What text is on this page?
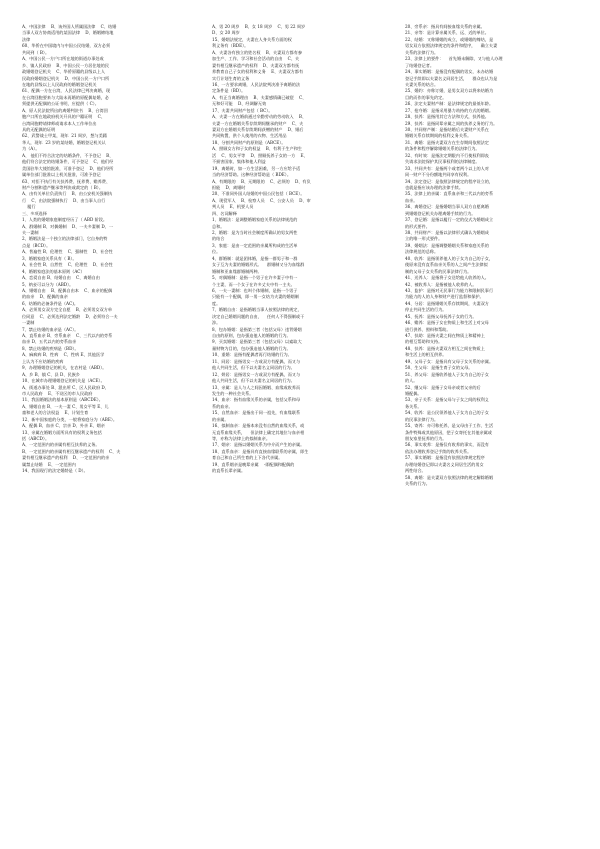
A、中国法律    B、该外国人所属国法律    C、结婚
当事人双方协商适用的某国法律    D、婚姻缔结地
法律
60、华侨在中国境内与中国公民结婚，双方必须
共同到（ B）。
A、中国公民一方户口所在地的街道办事处或
乡、镇人民政府    B、中国公民一方居住地的民
政婚姻登记机关    C、华侨原籍的县级以上人
民政府婚姻登记机关    D、中国公民一方户口所
在地的县级以上人民政府的婚姻登记机关
61、配偶一方在台湾，人民法律已判决离婚，现
在台湾回胞要来与大陆未再婚的原配偶复婚，必
须提供无配偶的公证书明，应提供（ C）。
A、原人民法院所出的离婚判决书    B、台湾回
胞户口所在地政府机关开具的户籍证明    C、
台湾同胞聘请律师或请求本人工作单位出
具的无配偶的证明
62、武警战士甲某，现年  21 周岁，想与美籍
华人，现年  23 岁的某结婚，婚姻登记机关认
为（A）。
A、 他们不符合法定的结婚条件，不予登记    B、
他们符合法定的结婚条件，可予登记    C、他们经
美国驻华大使馆批准，可准予登记    D、他们经所
属单位部门批准以上机关批准，可准予登记
63、对拒不执行有关扶养费、抚养费、赡养费、
财产分割和遗产继承等判决或裁定的（ B）。
A、由有关单位负责执行    B、由公安机关强制执
行    C、由法院强制执行    D、由当事人自行
履行
三、多项选择
1、人类的婚姻家庭制度经历了（ ABD 阶段。
A、群婚制 B、对偶婚制    D、一夫多妻制 D、一
夫一妻制
2、婚姻法是一个独立的法律部门，它自身的特
点是（BCD）。
A、普遍性 B、伦理性    C、强制性    D、社会性
3、婚姻家庭关系具有（ B）。
A、社会性 B、自然性    C、伦理性    D、社会性
4、婚姻家庭法的基本原则（AC）
A、恋爱自由 B、结婚自由    C、离婚自由
5、纳妾可以分为（ABD）。
A、婚姻自由    B、配偶自由本    C、血亲的配偶
的血亲    D、配偶的血亲
6、结婚的必备条件是（AC)。
A、必须男女双方完全自愿    B、必须男女双方单
位同意    C、必须达到法定婚龄    D、必须符合一夫
一妻制
7、禁止结婚的血亲是（AC）。
A、直系血亲 B、旁系血亲    C、三代以内的旁系
血亲 D、五代以内的旁系血亲
8、禁止结婚的疾病是（BD）。
A、麻疯病 B、性病    C、性病 E、其他医学
上认为不应结婚的疾病
9、办理婚姻登记的机关，在农村是（ABD）。
A、乡 B、镇 C、县 D、民族乡
10、在城市办理婚姻登记的机关是（ACE）。
A、街道办事处 B、派出所 C、区人民政府 D、
市人民政府    E、不设区的市人民政府
11、我国婚姻法的基本原则是（ABCDE）。
A、婚姻自由 B、一夫一妻 C、男女平等 E、儿
童和老人的合法权益    E、计划生育
12、新中国家庭的分类，一般将家庭分为（ABE）。
A、配偶 B、血亲 C、宗亲 D、外亲 E、姻亲
13、亲属在婚姻方面所具有的权利义务包括
括（ABCD）。
A、一定范围内的亲属有相互扶养的义务。
B、一定范围内的亲属有相互继承遗产的权利    C、夫
妻有相互继承遗产的权利    D、一定范围内的亲
属禁止结婚    E、一定范围内
14、我国现行的法定婚龄是（ D）。
A、男 20 周岁    B、女 18 周岁    C、男 22 周岁
D、女 20 周岁
15、婚姻法规定，夫妻在人身关系方面的权
利义务有（BDE）。
A、夫妻各有独立的姓名权    B、夫妻双方都有参
加生产、工作、学习和社会活动的自由    C、夫
妻有相互继承遗产的权利    D、夫妻双方都有抚
养教育自己子女的权利和义务    E、夫妻双方都有
实行计划生育的义务
16、一方要求离婚，人民法院判决准予离婚的法
定条件是（BD）。
A、有正当离婚理由    B、夫妻感情确已破裂    C、
无和好可能    D、经调解无效
17、夫妻共同财产包括（ BC）。
A、夫妻一方在婚前通过辛勤劳动的劳动收入    B、
夫妻一方在婚姻关系存续期间继承的财产    C、夫
妻双方在婚姻关系存续期间获赠的财产    D、婚后
共同购置，供个人使用的衣物、生活用品
18、分割共同财产的原则是（ABCE）。
A、照顾女方和子女的权益    B、有利于生产和生
活    C、男女平等    D、照顾抚养子女的一方    E、
不损害国家、集体和他人利益
19、离婚时，如一方生活困难，另一方应给予适
当的经济帮助。这种经济帮助是（ BDE）。
A、有期限的    B、无期限的    C、必须的    D、有负
担能    D、离婚时
20、不准同外国人结婚的中国公民包括（ BCE）。
A、现役军人    B、检察人员    C、公安人员    D、审
判人员    E、机要人员
四、名词解释
1、婚姻法：是调整婚姻家庭关系的法律规范的
总和。
2、婚姻：是为当时社会制度所确认的男女两性
的结合
3、家庭：是由一定范围的亲属所构成的生活单
位。
4、群婚制：就是团体婚，是指一群男子和一群
女子互为夫妻的婚姻形式。    群婚制又分为血缘群
婚制和亚血缘群婚制两种。
5、对偶婚制：是指一个男子在许多妻子中有一
个主妻，而一个女子在许多丈夫中有一主夫。
6、一夫一妻制：也叫个体婚制，是指一个男子
只能有一个配偶，即一男一女结为夫妻的婚姻制
度。
7、婚姻自由：是指婚姻当事人按照法律的规定，
决定自己婚姻问题的自由，    任何人不得强制或干
涉。
8、包办婚姻：是指第三者（包括父母）违背婚姻
自由的原则，包办强迫他人的婚姻的行为。
9、买卖婚姻：是指第三者（包括父母）以索取大
量财物为目的，包办强迫他人婚姻的行为。
10、重婚：是指有配偶者再行结婚的行为。
11、同居：是指男女一方或双方有配偶，而又与
他人共同生活，但不以夫妻名义同居的行为。
12、姘居：是指男女一方或双方有配偶，而又与
他人共同生活，但不以夫妻名义同居的行为。
13、亲属：是人与人之间因婚姻、血缘或收养而
发生的一种社会关系。
14、血亲：指有血缘关系的亲属，包括父系和母
系的血亲。
15、自然血亲：是指出于同一祖先，有血缘联系
的亲属。
16、拟制血亲：是指本来没有自然的血缘关系，或
无直系血缘关系，    但法律上确定其地位与血亲相
等，亦称为法律上的拟制血亲。
17、姻亲：是指以婚姻关系为中介而产生的亲属。
18、直系血亲：是指具有直接血缘联系的亲属，即生
育自己和自己所生育的上下各代亲属。
19、直系姻亲是晚辈亲属    -即配偶和配偶的
的直系长辈亲属。
20、旁系亲：指具有间接血缘关系的亲属。
21、亲等：是计算亲属关系、远、近的单位。
22、结婚：又称婚姻的成立，或婚姻的缔结，是
男女双方依照法律规定的条件和程序，    确立夫妻
关系的法律行为。
23、法律上的要件：    首先婚未解除，又与他人办理
了结婚登记者。
24、事实婚姻：是指没有配偶的男女，未办结婚
登记手续即以夫妻名义同居生活，    群众也认为是
夫妻关系的结合。
25、婚约：亦称订婚，是男女双方以将来结婚为
目的而作的事先约定。
26、法定夫妻财产制：是法律规定的最低年龄。
27、抢夺婚：是指采用暴力劫持的方式的婚姻。
28、扶养：是指用其它方法和方式，扶养他。
29、扶养：是指同辈亲属之间的扶养义务的行为。
30、共同财产制：是指结婚后夫妻财产关系在
婚姻关系存续期间的权利义务关系。
31、离婚：是指夫妻双方在生存期间依照法定
的条件和程序解除婚姻关系的法律行为。
32、有时效：是指法定期限内不行使权利即丧
失请求法院保护其民事权利的法律制度。
33、共同共有：是指两个或者两个以上的人对
同一财产不分份额地共同享有权利。
34、法定登记：是依照法律规定的程序设立的，
也就是指应该办理的法律手续。
35、法律上的亲属：直系血亲和三代以内的旁系
血亲。
36、离婚登记：是指婚姻当事人双方自愿离婚
到婚姻登记机关办理离婚手续的行为。
37、登记婚：是指以履行一定的仪式为婚姻成立
的形式要件。
38、共同财产：是指以法律形式确认为婚姻成
立的唯一形式要件。
39、婚姻法：是指调整婚姻关系和家庭关系的
法律规范的总称。
40、收养：是指领养他人的子女为自己的子女，
使原来没有直系血亲关系的人之间产生法律拟
制的父母子女关系的民事法律行为。
41、送养人：是指将子女送给他人收养的人。
42、被收养人：是指被他人收养的人。
43、监护：是指对无民事行为能力和限制民事行
为能力的人的人身和财产进行监督和保护。
44、分居：是指婚姻关系存续期间，夫妻双方
停止共同生活的行为。
45、抚养：是指父母抚养子女的行为。
46、赡养：是指子女在物质上和生活上对父母
进行供养、照料和帮助。
47、扶助：是指夫妻之间在物质上和精神上
的相互帮助和支持。
48、扶养：是指夫妻双方相互之间在物质上
和生活上的相互供养。
49、父母子女：是指具有父母子女关系的亲属。
50、生父母：是指生育子女的父母。
51、养父母：是指收养他人子女为自己的子女
的人。
52、继父母：是指子女母亲或者父亲的后
婚配偶。
53、亲子关系：是指父母与子女之间的权利义
务关系。
54、收养：是公民领养他人子女为自己的子女
的民事法律行为。
55、寄养：亦可称托养，是父母由于工作、生活
条件特殊或其他原因，把子女寄托在其他亲属或
朋友家里抚养的行为。
56、事实收养：是指仅有收养的事实，而没有
依法办理收养登记手续的收养关系。
57、事实婚姻：是指没有依照法律规定程序
办理结婚登记即以夫妻名义同居生活的男女
两性结合。
58、离婚：是夫妻双方依照法律的规定解除婚姻
关系的行为。
